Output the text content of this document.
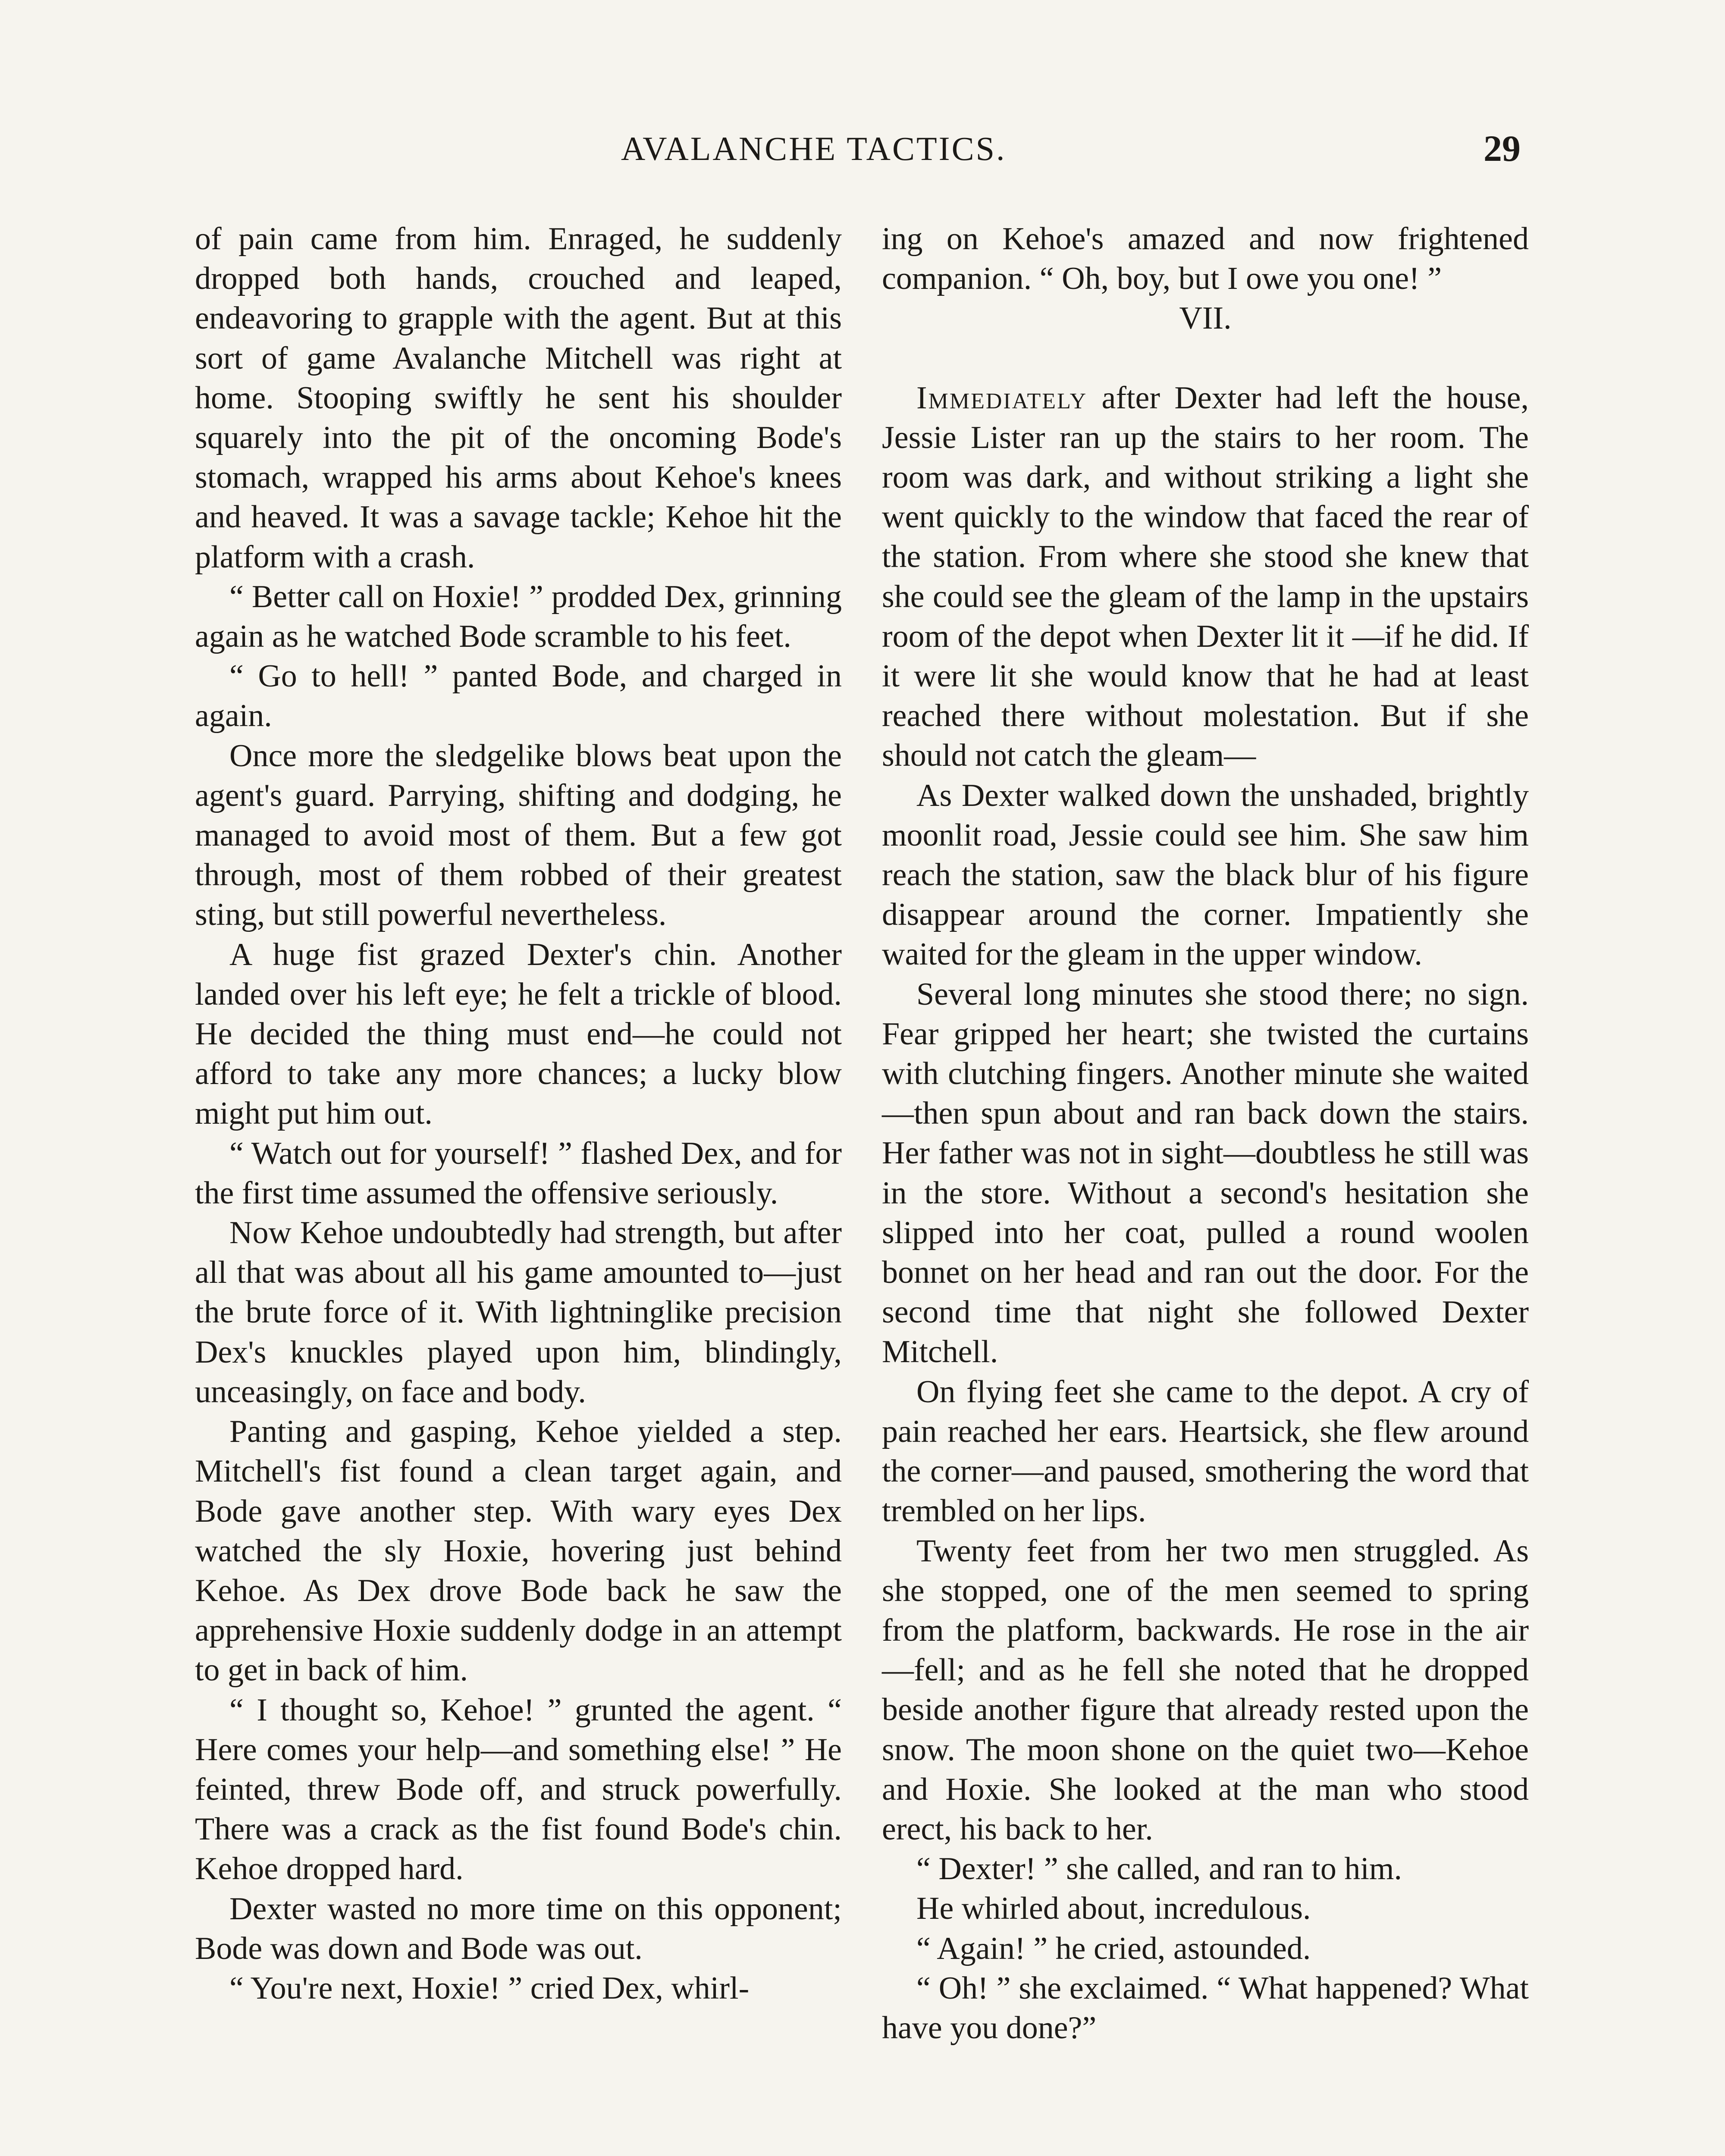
AVALANCHE TACTICS.	29

of pain came from him. Enraged, he suddenly dropped both hands, crouched and leaped, endeavoring to grapple with the agent. But at this sort of game Avalanche Mitchell was right at home. Stooping swiftly he sent his shoulder squarely into the pit of the oncoming Bode's stomach, wrapped his arms about Kehoe's knees and heaved. It was a savage tackle; Kehoe hit the platform with a crash.

“ Better call on Hoxie! ” prodded Dex, grinning again as he watched Bode scramble to his feet.

“ Go to hell! ” panted Bode, and charged in again.

Once more the sledgelike blows beat upon the agent's guard. Parrying, shifting and dodging, he managed to avoid most of them. But a few got through, most of them robbed of their greatest sting, but still powerful nevertheless.

A huge fist grazed Dexter's chin. Another landed over his left eye; he felt a trickle of blood. He decided the thing must end—he could not afford to take any more chances; a lucky blow might put him out.

“ Watch out for yourself! ” flashed Dex, and for the first time assumed the offensive seriously.

Now Kehoe undoubtedly had strength, but after all that was about all his game amounted to—just the brute force of it. With lightninglike precision Dex's knuckles played upon him, blindingly, unceasingly, on face and body.

Panting and gasping, Kehoe yielded a step. Mitchell's fist found a clean target again, and Bode gave another step. With wary eyes Dex watched the sly Hoxie, hovering just behind Kehoe. As Dex drove Bode back he saw the apprehensive Hoxie suddenly dodge in an attempt to get in back of him.

“ I thought so, Kehoe! ” grunted the agent. “ Here comes your help—and something else! ” He feinted, threw Bode off, and struck powerfully. There was a crack as the fist found Bode's chin. Kehoe dropped hard.

Dexter wasted no more time on this opponent; Bode was down and Bode was out.

“ You're next, Hoxie! ” cried Dex, whirl-

ing on Kehoe's amazed and now frightened companion. “ Oh, boy, but I owe you one! ”

VII.

Immediately after Dexter had left the house, Jessie Lister ran up the stairs to her room. The room was dark, and without striking a light she went quickly to the window that faced the rear of the station. From where she stood she knew that she could see the gleam of the lamp in the upstairs room of the depot when Dexter lit it —if he did. If it were lit she would know that he had at least reached there without molestation. But if she should not catch the gleam—

As Dexter walked down the unshaded, brightly moonlit road, Jessie could see him. She saw him reach the station, saw the black blur of his figure disappear around the corner. Impatiently she waited for the gleam in the upper window.

Several long minutes she stood there; no sign. Fear gripped her heart; she twisted the curtains with clutching fingers. Another minute she waited—then spun about and ran back down the stairs. Her father was not in sight—doubtless he still was in the store. Without a second's hesitation she slipped into her coat, pulled a round woolen bonnet on her head and ran out the door. For the second time that night she followed Dexter Mitchell.

On flying feet she came to the depot. A cry of pain reached her ears. Heartsick, she flew around the corner—and paused, smothering the word that trembled on her lips.

Twenty feet from her two men struggled. As she stopped, one of the men seemed to spring from the platform, backwards. He rose in the air—fell; and as he fell she noted that he dropped beside another figure that already rested upon the snow. The moon shone on the quiet two—Kehoe and Hoxie. She looked at the man who stood erect, his back to her.

“ Dexter! ” she called, and ran to him.

He whirled about, incredulous.

“ Again! ” he cried, astounded.

“ Oh! ” she exclaimed. “ What happened? What have you done?”
